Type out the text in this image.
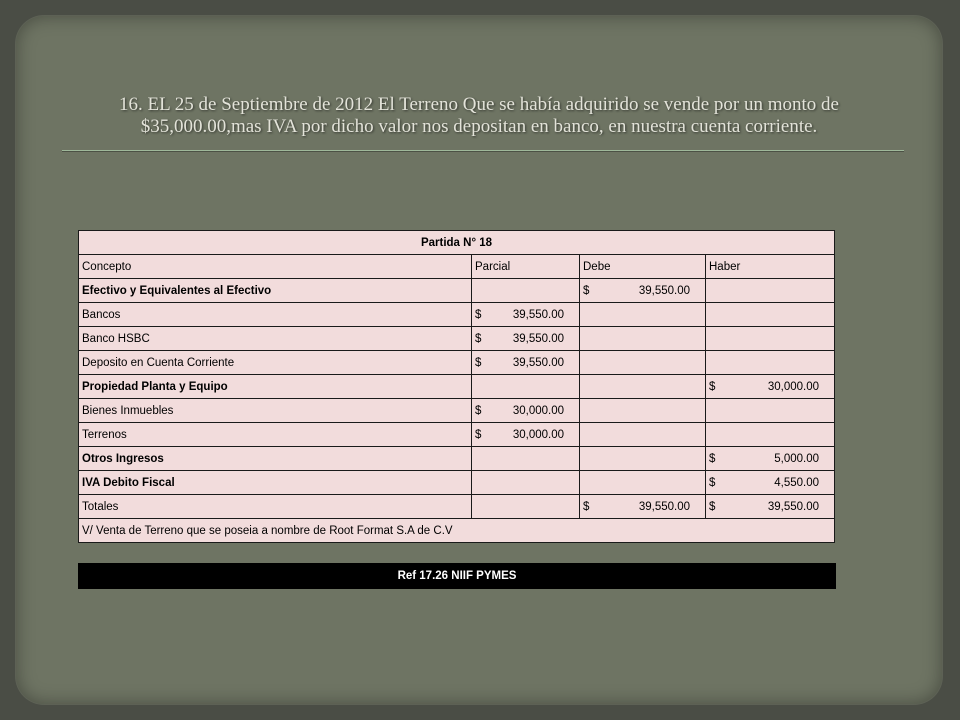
16. EL 25 de Septiembre de 2012 El Terreno Que se había adquirido se vende por un monto de
$35,000.00,mas IVA por dicho valor nos depositan en banco, en nuestra cuenta corriente.
Partida N° 18			
Concepto	Parcial	Debe	Haber
Efectivo y Equivalentes al Efectivo		$ 39,550.00	

Bancos	$ 39,550.00		

Banco HSBC	$ 39,550.00		

Deposito en Cuenta Corriente	$ 39,550.00		

Propiedad Planta y Equipo			$ 30,000.00

Bienes Inmuebles	$ 30,000.00		

Terrenos	$ 30,000.00		

Otros Ingresos			$ 5,000.00

IVA Debito Fiscal			$ 4,550.00

Totales		$ 39,550.00	$ 39,550.00

V/ Venta de Terreno que se poseia a nombre de Root Format S.A de C.V			
Ref 17.26 NIIF PYMES
